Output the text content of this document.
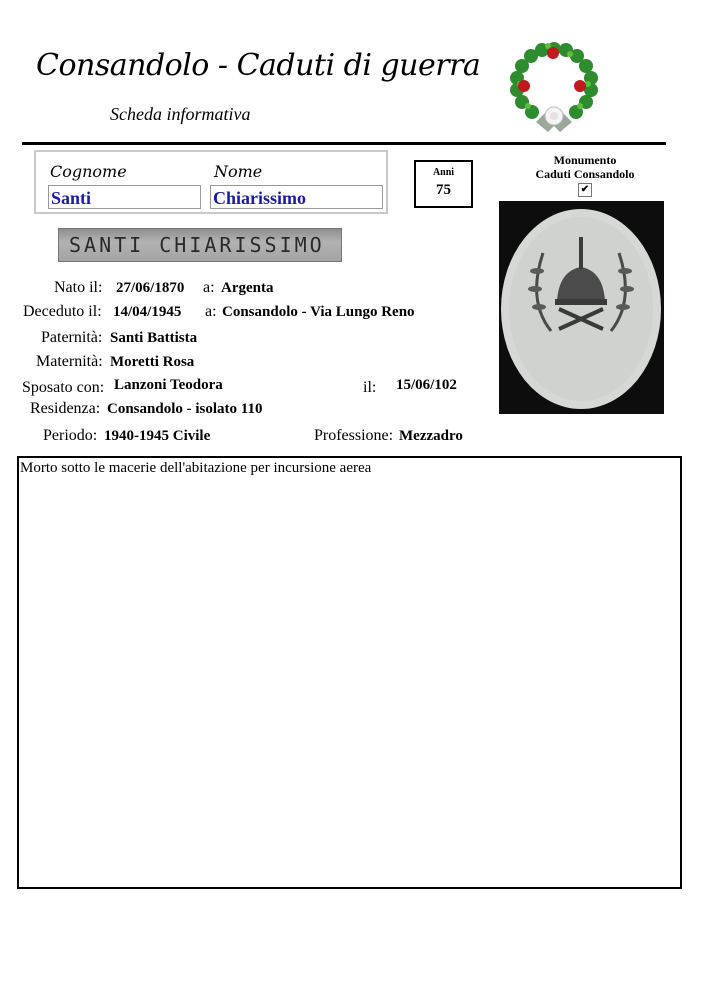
Consandolo - Caduti di guerra
Scheda informativa
Cognome	Nome
Santi	Chiarissimo
Anni
75
Monumento
Caduti Consandolo
✔
SANTI CHIARISSIMO
Nato il: 27/06/1870 a: Argenta
Deceduto il: 14/04/1945 a: Consandolo - Via Lungo Reno
Paternità: Santi Battista
Maternità: Moretti Rosa
Sposato con: Lanzoni Teodora	il: 15/06/102
Residenza: Consandolo - isolato 110
Periodo: 1940-1945 Civile	Professione: Mezzadro
Morto sotto le macerie dell'abitazione per incursione aerea
